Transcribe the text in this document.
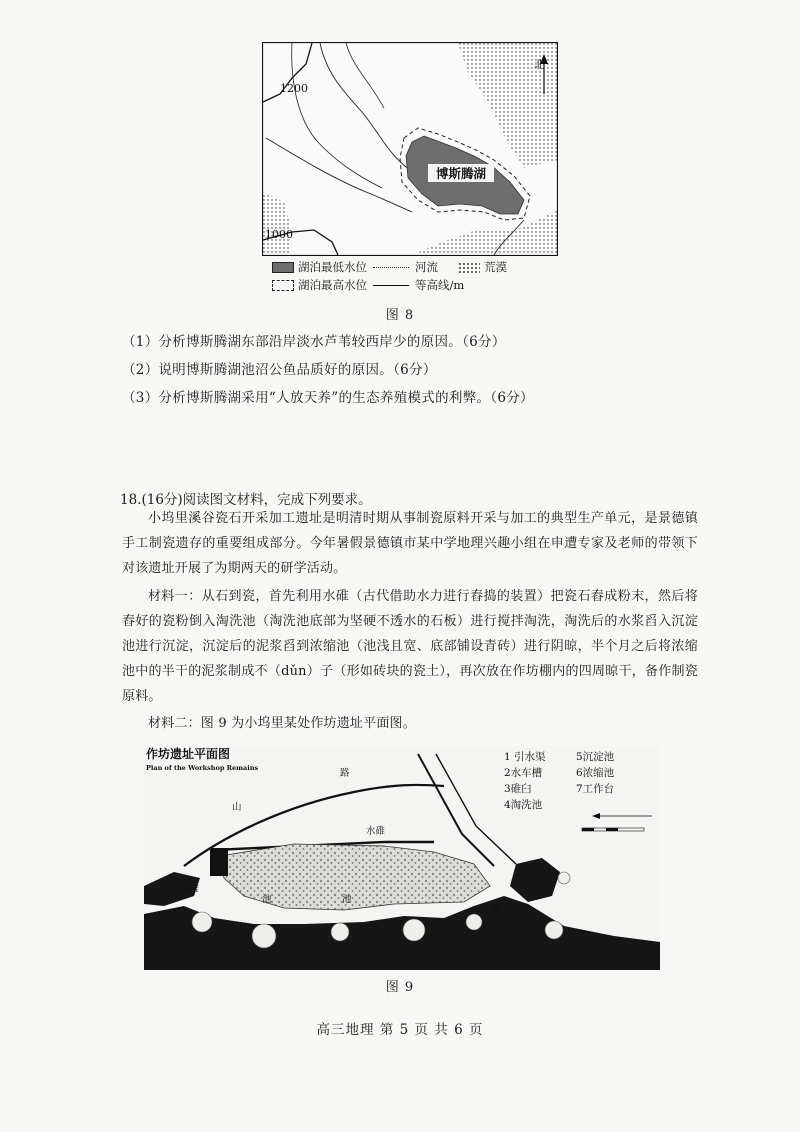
博斯腾湖
1200
1000
北
湖泊最低水位	河流	荒漠
湖泊最高水位	等高线/m
图 8
（1）分析博斯腾湖东部沿岸淡水芦苇较西岸少的原因。（6分）
（2）说明博斯腾湖池沼公鱼品质好的原因。（6分）
（3）分析博斯腾湖采用“人放天养”的生态养殖模式的利弊。（6分）
18.(16分)阅读图文材料，完成下列要求。

小坞里溪谷瓷石开采加工遗址是明清时期从事制瓷原料开采与加工的典型生产单元，是景德镇手工制瓷遗存的重要组成部分。今年暑假景德镇市某中学地理兴趣小组在申遭专家及老师的带领下对该遗址开展了为期两天的研学活动。

材料一：从石到瓷，首先利用水碓（古代借助水力进行舂捣的装置）把瓷石舂成粉末，然后将舂好的瓷粉倒入淘洗池（淘洗池底部为坚硬不透水的石板）进行搅拌淘洗，淘洗后的水浆舀入沉淀池进行沉淀，沉淀后的泥浆舀到浓缩池（池浅且宽、底部铺设青砖）进行阴晾，半个月之后将浓缩池中的半干的泥浆制成不（dǔn）子（形如砖块的瓷土），再次放在作坊棚内的四周晾干，备作制瓷原料。

材料二：图 9 为小坞里某处作坊遗址平面图。

作坊遗址平面图
Plan of the Workshop Remains
1 引水渠	5沉淀池
2水车槽	6浓缩池
3碓臼	7工作台
4淘洗池
路
山
水碓
水碓
池	池
池
图 9
高三地理 第 5 页 共 6 页
